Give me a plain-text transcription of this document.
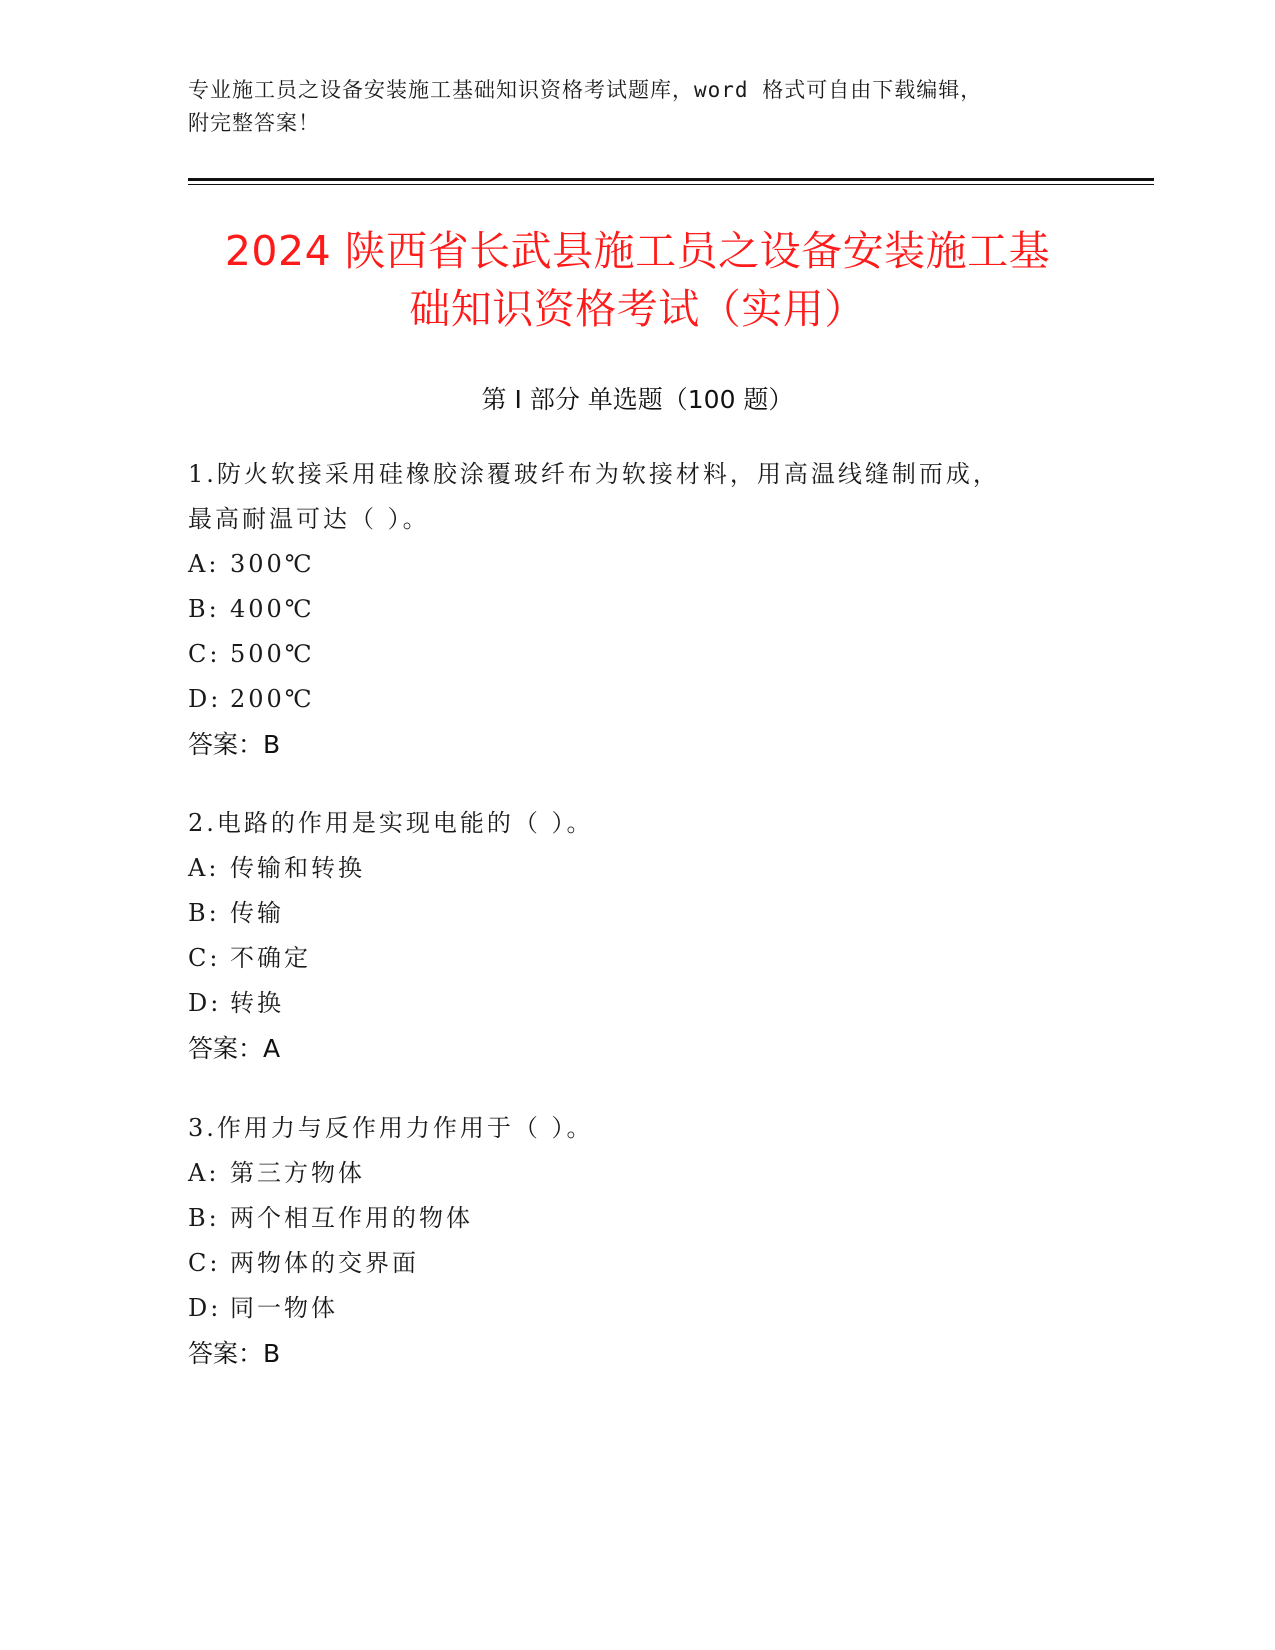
专业施工员之设备安装施工基础知识资格考试题库，word 格式可自由下载编辑，
附完整答案！
2024 陕西省长武县施工员之设备安装施工基
础知识资格考试（实用）
第 I 部分 单选题（100 题）
1.防火软接采用硅橡胶涂覆玻纤布为软接材料，用高温线缝制而成，
最高耐温可达（ ）。
A: 300℃
B: 400℃
C: 500℃
D: 200℃
答案：B
2.电路的作用是实现电能的（ ）。
A: 传输和转换
B: 传输
C: 不确定
D: 转换
答案：A
3.作用力与反作用力作用于（ ）。
A: 第三方物体
B: 两个相互作用的物体
C: 两物体的交界面
D: 同一物体
答案：B
